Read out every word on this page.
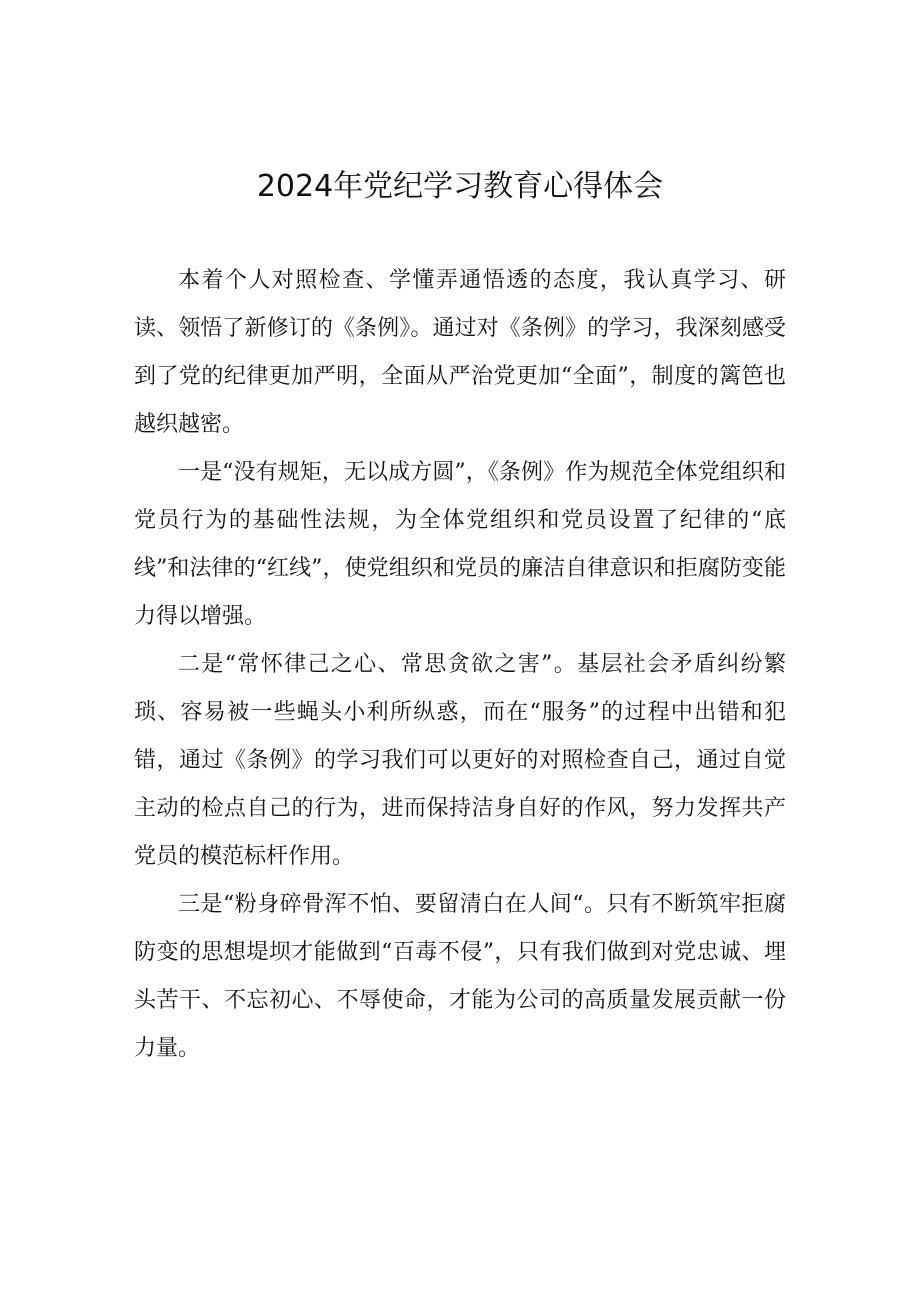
2024年党纪学习教育心得体会

本着个人对照检查、学懂弄通悟透的态度，我认真学习、研读、领悟了新修订的《条例》。通过对《条例》的学习，我深刻感受到了党的纪律更加严明，全面从严治党更加“全面”，制度的篱笆也越织越密。

一是“没有规矩，无以成方圆”，《条例》作为规范全体党组织和党员行为的基础性法规，为全体党组织和党员设置了纪律的“底线”和法律的“红线”，使党组织和党员的廉洁自律意识和拒腐防变能力得以增强。

二是“常怀律己之心、常思贪欲之害”。基层社会矛盾纠纷繁琐、容易被一些蝇头小利所纵惑，而在“服务”的过程中出错和犯错，通过《条例》的学习我们可以更好的对照检查自己，通过自觉主动的检点自己的行为，进而保持洁身自好的作风，努力发挥共产党员的模范标杆作用。

三是“粉身碎骨浑不怕、要留清白在人间“。只有不断筑牢拒腐防变的思想堤坝才能做到“百毒不侵”，只有我们做到对党忠诚、埋头苦干、不忘初心、不辱使命，才能为公司的高质量发展贡献一份力量。
